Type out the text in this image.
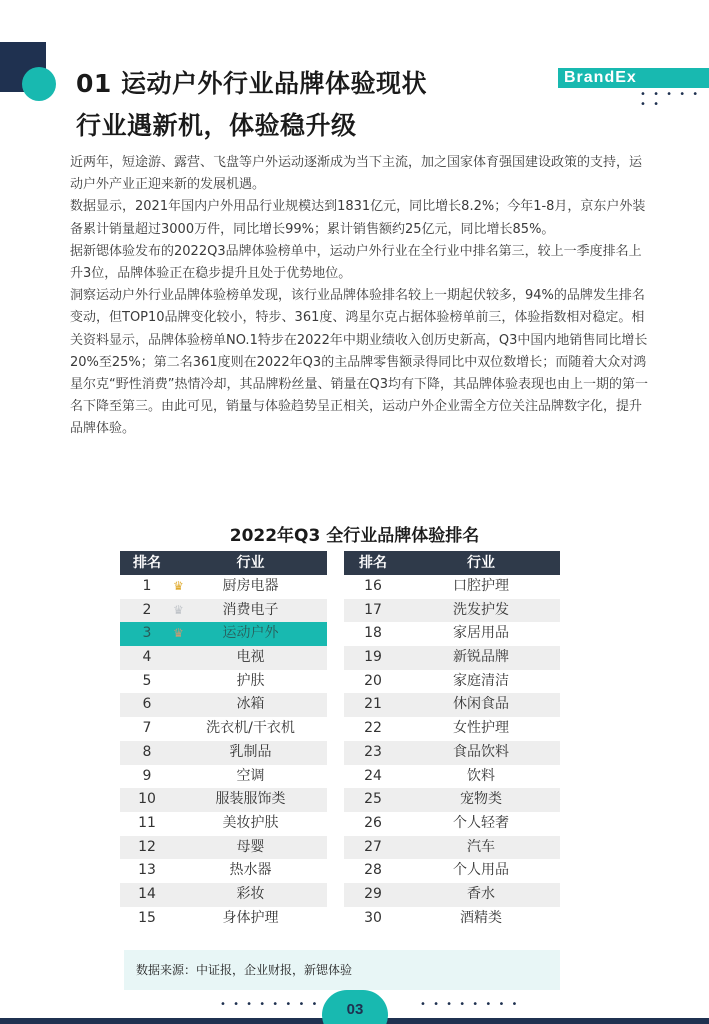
01 运动户外行业品牌体验现状
行业遇新机，体验稳升级
BrandEx
• • • • • • •

近两年，短途游、露营、飞盘等户外运动逐渐成为当下主流，加之国家体育强国建设政策的支持，运动户外产业正迎来新的发展机遇。

数据显示，2021年国内户外用品行业规模达到1831亿元，同比增长8.2%；今年1-8月，京东户外装备累计销量超过3000万件，同比增长99%；累计销售额约25亿元，同比增长85%。

据新锶体验发布的2022Q3品牌体验榜单中，运动户外行业在全行业中排名第三，较上一季度排名上升3位，品牌体验正在稳步提升且处于优势地位。

洞察运动户外行业品牌体验榜单发现，该行业品牌体验排名较上一期起伏较多，94%的品牌发生排名变动，但TOP10品牌变化较小，特步、361度、鸿星尔克占据体验榜单前三，体验指数相对稳定。相关资料显示，品牌体验榜单NO.1特步在2022年中期业绩收入创历史新高，Q3中国内地销售同比增长20%至25%；第二名361度则在2022年Q3的主品牌零售额录得同比中双位数增长；而随着大众对鸿星尔克“野性消费”热情冷却，其品牌粉丝量、销量在Q3均有下降，其品牌体验表现也由上一期的第一名下降至第三。由此可见，销量与体验趋势呈正相关，运动户外企业需全方位关注品牌数字化，提升品牌体验。

2022年Q3 全行业品牌体验排名
排名	行业
1	♛	厨房电器
2	♛	消费电子
3	♛	运动户外
4	电视
5	护肤
6	冰箱
7	洗衣机/干衣机
8	乳制品
9	空调
10	服装服饰类
11	美妆护肤
12	母婴
13	热水器
14	彩妆
15	身体护理
排名	行业
16	口腔护理
17	洗发护发
18	家居用品
19	新锐品牌
20	家庭清洁
21	休闲食品
22	女性护理
23	食品饮料
24	饮料
25	宠物类
26	个人轻奢
27	汽车
28	个人用品
29	香水
30	酒精类
数据来源：中证报，企业财报，新锶体验
• • • • • • • •	• • • • • • • •
03
